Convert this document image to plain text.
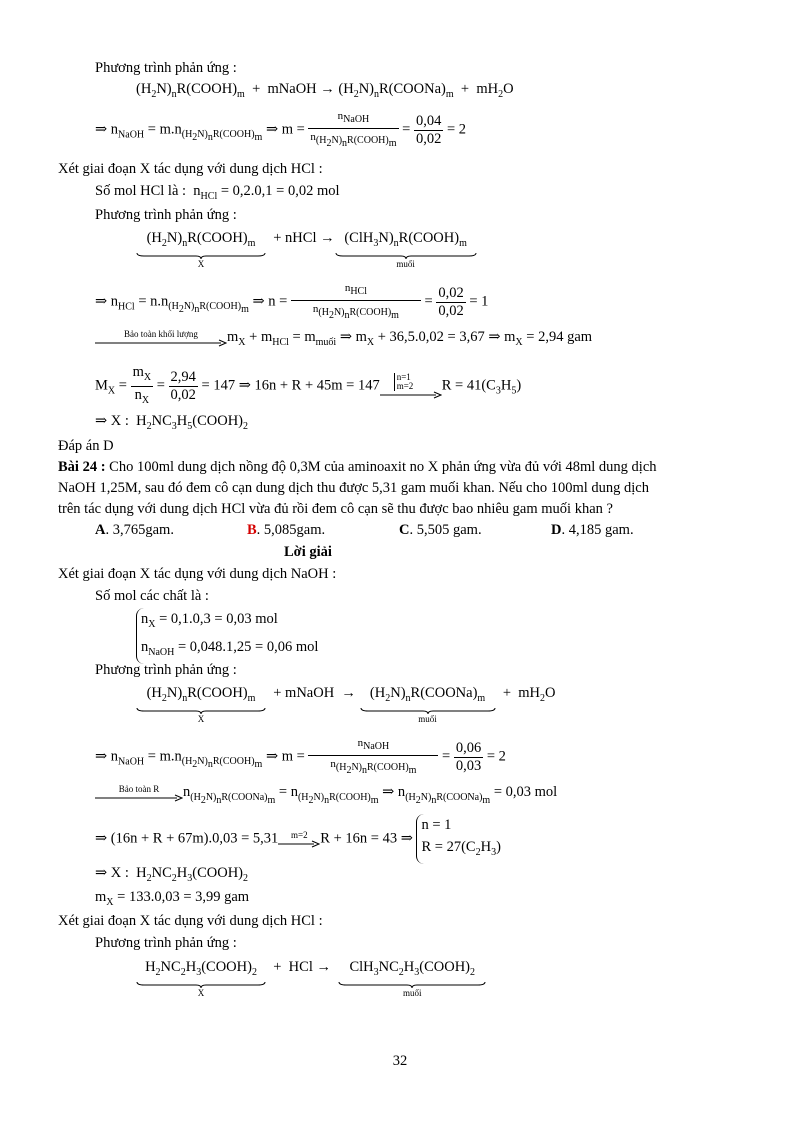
Phương trình phản ứng :
$(H_2N)_nR(COOH)_m$  +  mNaOH → $(H_2N)_nR(COONa)_m + mH_2O$
⇒ $n_{NaOH} = m.n_{(H_2N)_nR(COOH)_m}$ ⇒ $m = \frac{n_{NaOH}}{n_{(H_2N)_nR(COOH)_m}} = \frac{0,04}{0,02} = 2$
Xét giai đoạn X tác dụng với dung dịch HCl :
Số mol HCl là :  $n_{HCl} = 0,2.0,1 = 0,02$ mol
Phương trình phản ứng :
$(H_2N)_nR(COOH)_m$
X
+ nHCl → $(ClH_3N)_nR(COOH)_m$
muối
⇒ $n_{HCl} = n.n_{(H_2N)_nR(COOH)_m}$ ⇒ $n = \frac{n_{HCl}}{n_{(H_2N)_nR(COOH)_m}} = \frac{0,02}{0,02} = 1$
Bảo toàn khối lượng	$m_X + m_{HCl} = m_{muối}$ ⇒ $m_X + 36,5.0,02 = 3,67$ ⇒ $m_X = 2,94$ gam
$M_X = \frac{m_X}{n_X} = \frac{2,94}{0,02} = 147$ ⇒ 16n + R + 45m = 147
n=1
m=2	$R = 41(C_3H_5)$
⇒ X :  $H_2NC_3H_5(COOH)_2$
Đáp án D
Bài 24 : Cho 100ml dung dịch nồng độ 0,3M của aminoaxit no X phản ứng vừa đủ với 48ml dung dịch
NaOH 1,25M, sau đó đem cô cạn dung dịch thu được 5,31 gam muối khan. Nếu cho 100ml dung dịch
trên tác dụng với dung dịch HCl vừa đủ rồi đem cô cạn sẽ thu được bao nhiêu gam muối khan ?
A. 3,765gam.	B. 5,085gam.	C. 5,505 gam.	D. 4,185 gam.
Lời giải
Xét giai đoạn X tác dụng với dung dịch NaOH :
Số mol các chất là :
$n_X = 0,1.0,3 = 0,03$ mol
$n_{NaOH} = 0,048.1,25 = 0,06$ mol
Phương trình phản ứng :
$(H_2N)_nR(COOH)_m$
X
+ mNaOH  → $(H_2N)_nR(COONa)_m$
muối
+  $mH_2O$
⇒ $n_{NaOH} = m.n_{(H_2N)_nR(COOH)_m}$ ⇒ $m = \frac{n_{NaOH}}{n_{(H_2N)_nR(COOH)_m}} = \frac{0,06}{0,03} = 2$
Bảo toàn R	$n_{(H_2N)_nR(COONa)_m} = n_{(H_2N)_nR(COOH)_m}$ ⇒ $n_{(H_2N)_nR(COONa)_m} = 0,03$ mol
⇒ (16n + R + 67m).0,03 = 5,31	m=2 R + 16n = 43 ⇒
n = 1
$R = 27(C_2H_3)$
⇒ X :  $H_2NC_2H_3(COOH)_2$
$m_X = 133.0,03 = 3,99$ gam
Xét giai đoạn X tác dụng với dung dịch HCl :
Phương trình phản ứng :
$H_2NC_2H_3(COOH)_2$
X
+  HCl → $ClH_3NC_2H_3(COOH)_2$
muối
32
